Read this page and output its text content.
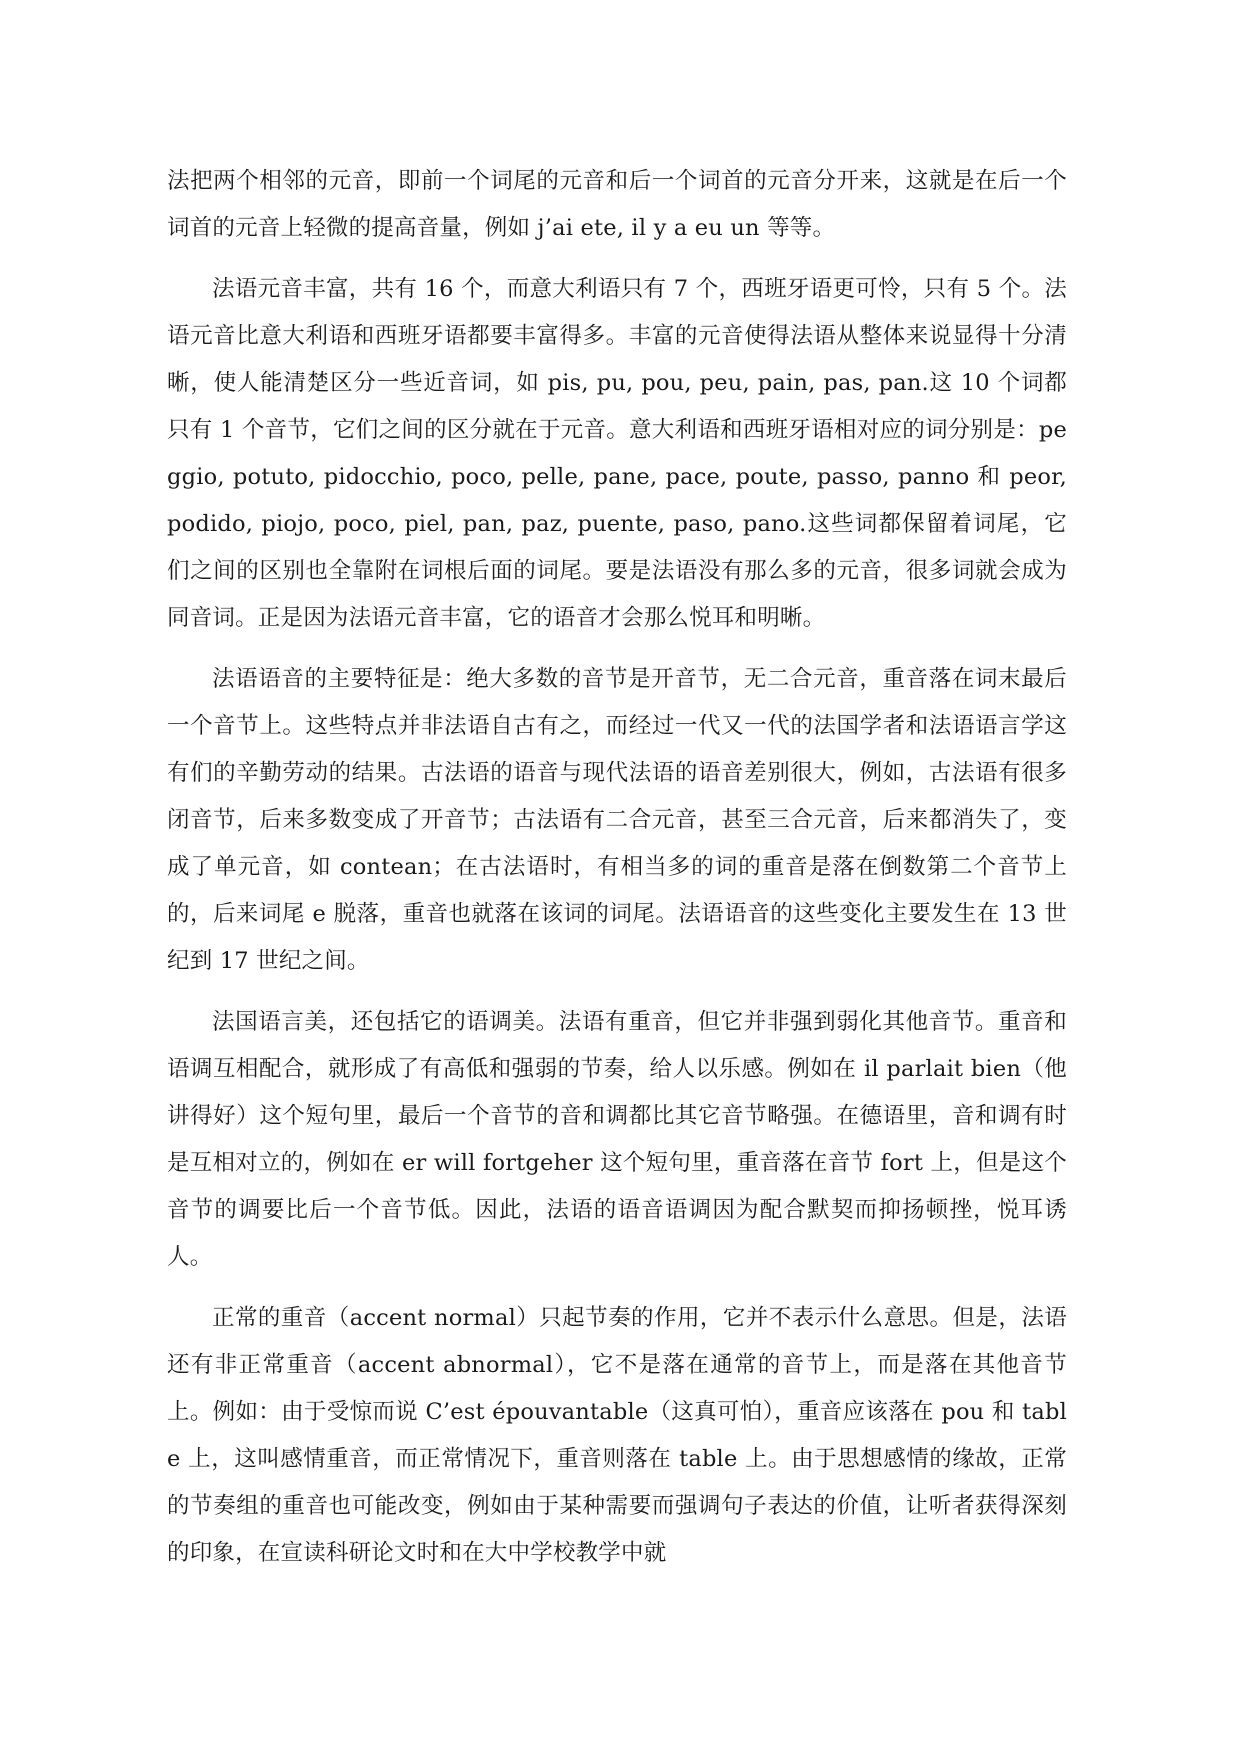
法把两个相邻的元音，即前一个词尾的元音和后一个词首的元音分开来，这就是在后一个词首的元音上轻微的提高音量，例如 j’ai ete, il y a eu un 等等。

法语元音丰富，共有 16 个，而意大利语只有 7 个，西班牙语更可怜，只有 5 个。法语元音比意大利语和西班牙语都要丰富得多。丰富的元音使得法语从整体来说显得十分清晰，使人能清楚区分一些近音词，如 pis, pu, pou, peu, pain, pas, pan.这 10 个词都只有 1 个音节，它们之间的区分就在于元音。意大利语和西班牙语相对应的词分别是：peggio, potuto, pidocchio, poco, pelle, pane, pace, poute, passo, panno 和 peor, podido, piojo, poco, piel, pan, paz, puente, paso, pano.这些词都保留着词尾，它们之间的区别也全靠附在词根后面的词尾。要是法语没有那么多的元音，很多词就会成为同音词。正是因为法语元音丰富，它的语音才会那么悦耳和明晰。

法语语音的主要特征是：绝大多数的音节是开音节，无二合元音，重音落在词末最后一个音节上。这些特点并非法语自古有之，而经过一代又一代的法国学者和法语语言学这有们的辛勤劳动的结果。古法语的语音与现代法语的语音差别很大，例如，古法语有很多闭音节，后来多数变成了开音节；古法语有二合元音，甚至三合元音，后来都消失了，变成了单元音，如 contean；在古法语时，有相当多的词的重音是落在倒数第二个音节上的，后来词尾 e 脱落，重音也就落在该词的词尾。法语语音的这些变化主要发生在 13 世纪到 17 世纪之间。

法国语言美，还包括它的语调美。法语有重音，但它并非强到弱化其他音节。重音和语调互相配合，就形成了有高低和强弱的节奏，给人以乐感。例如在 il parlait bien（他讲得好）这个短句里，最后一个音节的音和调都比其它音节略强。在德语里，音和调有时是互相对立的，例如在 er will fortgeher 这个短句里，重音落在音节 fort 上，但是这个音节的调要比后一个音节低。因此，法语的语音语调因为配合默契而抑扬顿挫，悦耳诱人。

正常的重音（accent normal）只起节奏的作用，它并不表示什么意思。但是，法语还有非正常重音（accent abnormal），它不是落在通常的音节上，而是落在其他音节上。例如：由于受惊而说 C’est épouvantable（这真可怕），重音应该落在 pou 和 table 上，这叫感情重音，而正常情况下，重音则落在 table 上。由于思想感情的缘故，正常的节奏组的重音也可能改变，例如由于某种需要而强调句子表达的价值，让听者获得深刻的印象，在宣读科研论文时和在大中学校教学中就
